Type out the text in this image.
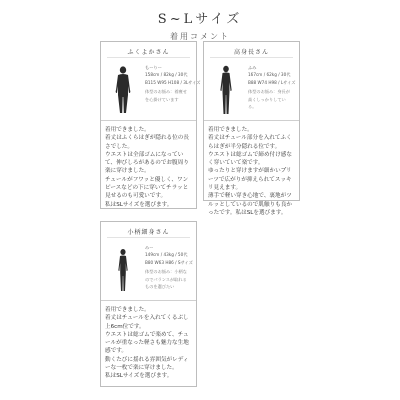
S~Lサイズ
着用コメント
ふくよかさん
もーりー
158cm / 82kg / 30代
B115 W95 H108 / 3Lサイズ
体型のお悩み：着痩せを心掛けています
着用できました。
着丈はふくらはぎが隠れる位の長さでした。
ウエストは全部ゴムになっていて、伸びしろがあるのでお腹周り楽に穿けました。
チュールがフワッと優しく、ワンピースなどの下に穿いてチラッと見せるのも可愛いです。
私はSLサイズを選びます。
高身長さん
ふみ
167cm / 62kg / 30代
B88 W74 H98 / Lサイズ
体型のお悩み：身長が高くしっかりしている。
着用できました。
着丈はチュール部分を入れてふくらはぎが半分隠れる位です。
ウエストは総ゴムで締め付け感なく穿いていて楽です。
ゆったりと穿けますが細かいプリーツで広がりが抑えられてスッキリ見えます。
薄手で軽い穿き心地で、裏地がツルッとしているので肌触りも良かったです。私はSLを選びます。
小柄細身さん
みー
149cm / 43kg / 50代
B80 W63 H86 / Sサイズ
体型のお悩み：小柄なのでパランスが取れるものを選びたい
着用できました。
着丈はチュールを入れてくるぶし上6cm位です。
ウエストは総ゴムで楽めて、チュールが重なった軽さも魅力な生地感です。
動くたびに揺れる雰囲気がレディーな一枚で楽に穿けました。
私はSLサイズを選びます。
